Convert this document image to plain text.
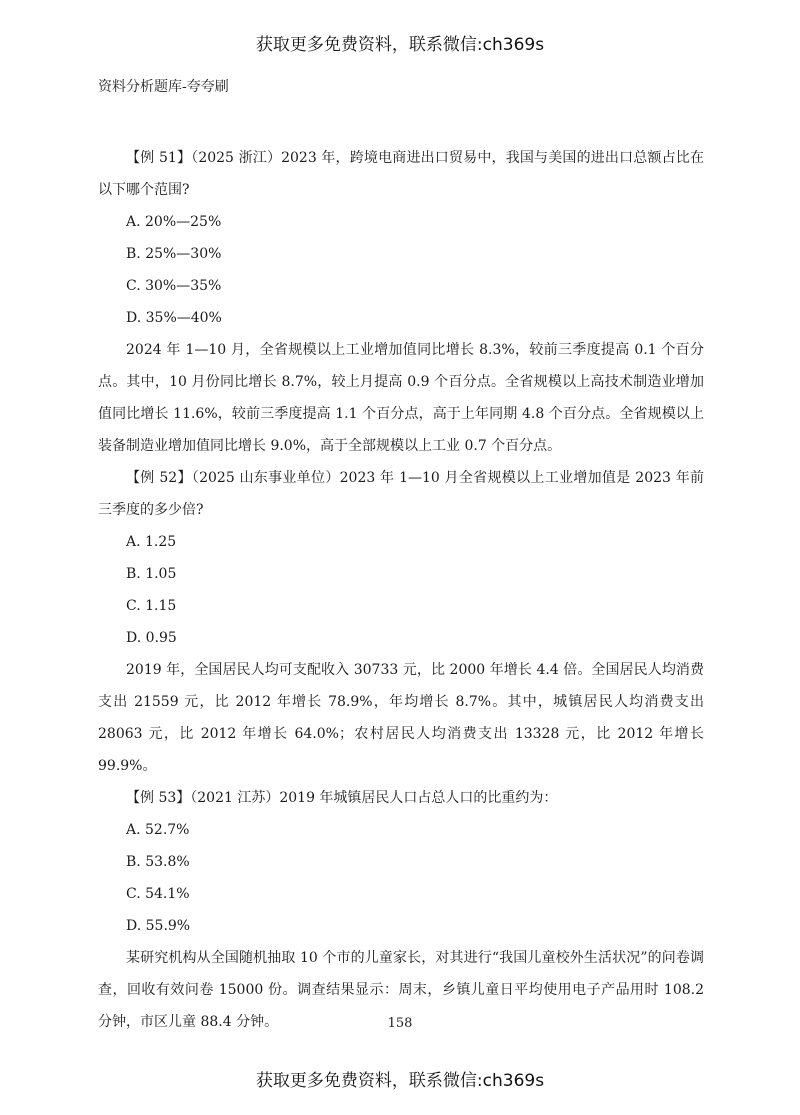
获取更多免费资料，联系微信:ch369s
资料分析题库-夸夸刷

【例 51】（2025 浙江）2023 年，跨境电商进出口贸易中，我国与美国的进出口总额占比在以下哪个范围?

A. 20%—25%

B. 25%—30%

C. 30%—35%

D. 35%—40%

2024 年 1—10 月，全省规模以上工业增加值同比增长 8.3%，较前三季度提高 0.1 个百分点。其中，10 月份同比增长 8.7%，较上月提高 0.9 个百分点。全省规模以上高技术制造业增加值同比增长 11.6%，较前三季度提高 1.1 个百分点，高于上年同期 4.8 个百分点。全省规模以上装备制造业增加值同比增长 9.0%，高于全部规模以上工业 0.7 个百分点。

【例 52】（2025 山东事业单位）2023 年 1—10 月全省规模以上工业增加值是 2023 年前三季度的多少倍?

A. 1.25

B. 1.05

C. 1.15

D. 0.95

2019 年，全国居民人均可支配收入 30733 元，比 2000 年增长 4.4 倍。全国居民人均消费支出 21559 元，比 2012 年增长 78.9%，年均增长 8.7%。其中，城镇居民人均消费支出 28063 元，比 2012 年增长 64.0%；农村居民人均消费支出 13328 元，比 2012 年增长 99.9%。

【例 53】（2021 江苏）2019 年城镇居民人口占总人口的比重约为：

A. 52.7%

B. 53.8%

C. 54.1%

D. 55.9%

某研究机构从全国随机抽取 10 个市的儿童家长，对其进行“我国儿童校外生活状况”的问卷调查，回收有效问卷 15000 份。调查结果显示：周末，乡镇儿童日平均使用电子产品用时 108.2 分钟，市区儿童 88.4 分钟。	158
获取更多免费资料，联系微信:ch369s
